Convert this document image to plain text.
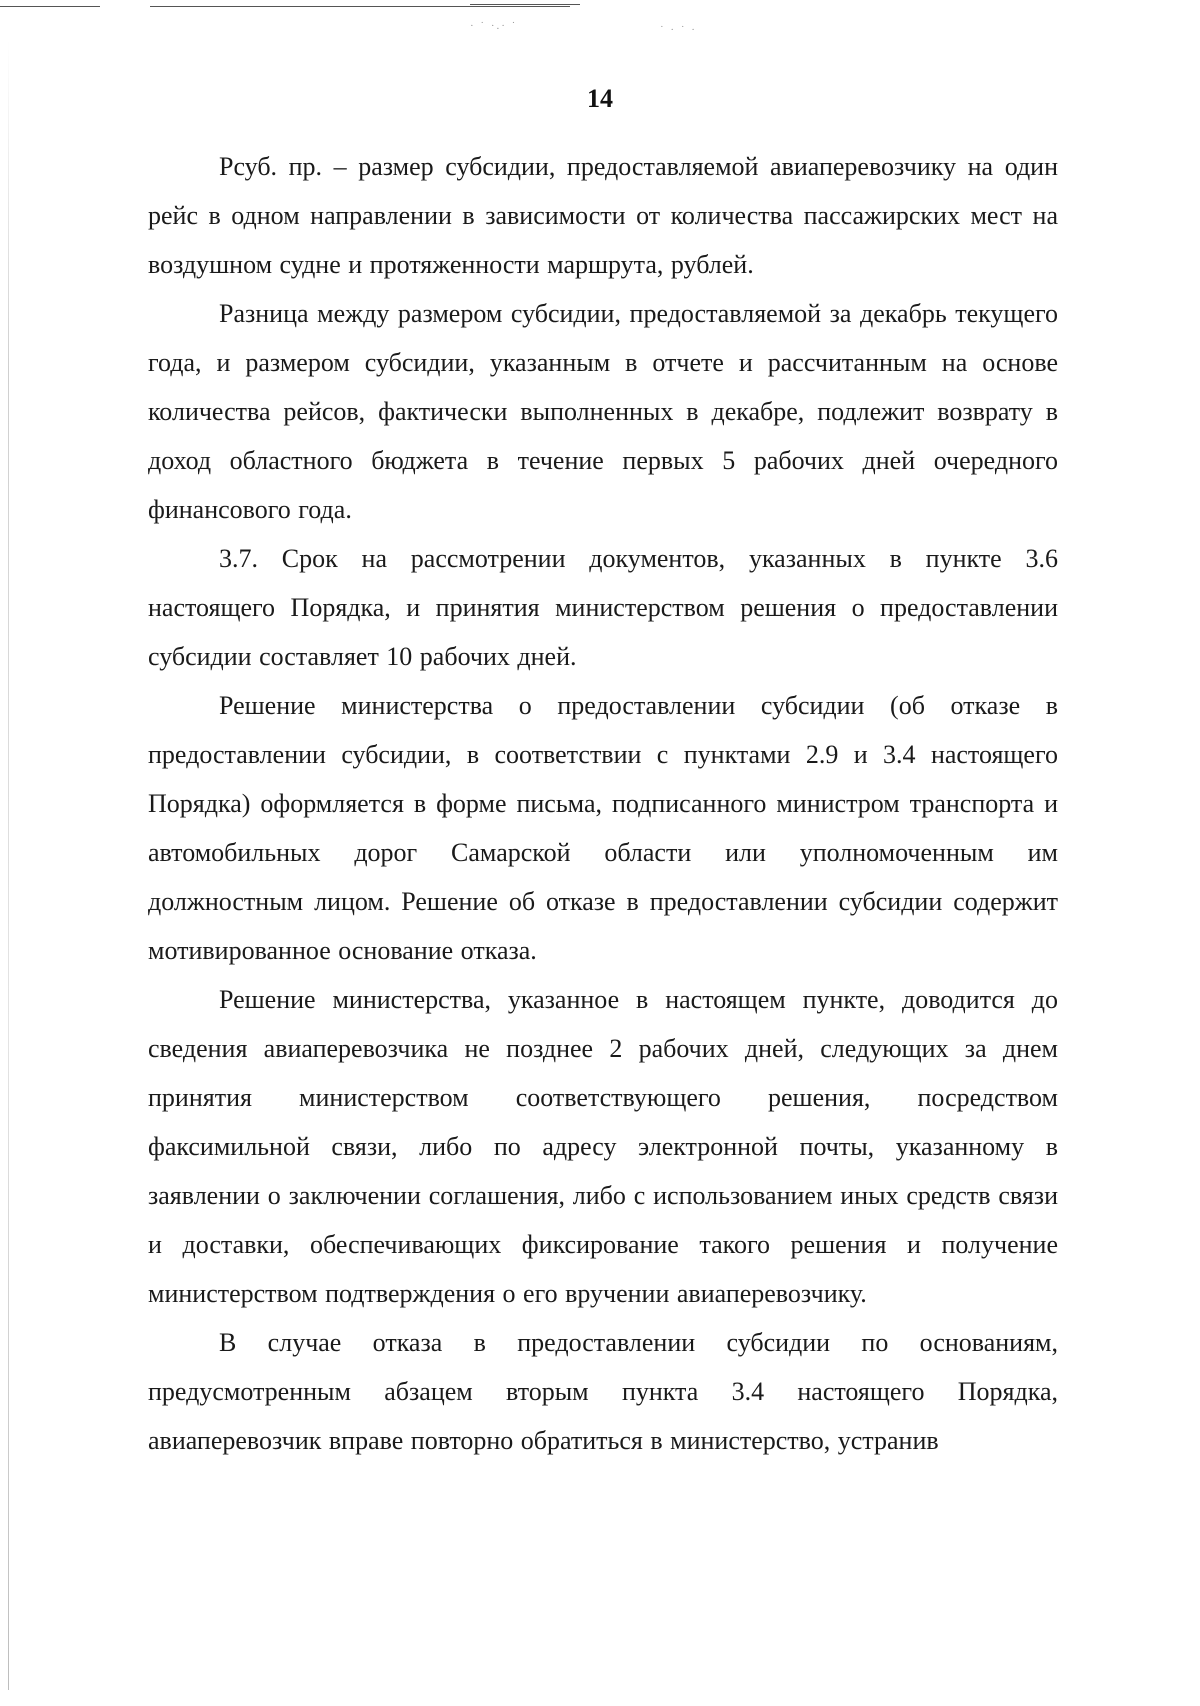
· ˙ ·.· ˙	˙ · ˙ ·
14

Рсуб. пр. – размер субсидии, предоставляемой авиаперевозчику на один рейс в одном направлении в зависимости от количества пассажирских мест на воздушном судне и протяженности маршрута, рублей.

Разница между размером субсидии, предоставляемой за декабрь текущего года, и размером субсидии, указанным в отчете и рассчитанным на основе количества рейсов, фактически выполненных в декабре, подлежит возврату в доход областного бюджета в течение первых 5 рабочих дней очередного финансового года.

3.7. Срок на рассмотрении документов, указанных в пункте 3.6 настоящего Порядка, и принятия министерством решения о предоставлении субсидии составляет 10 рабочих дней.

Решение министерства о предоставлении субсидии (об отказе в предоставлении субсидии, в соответствии с пунктами 2.9 и 3.4 настоящего Порядка) оформляется в форме письма, подписанного министром транспорта и автомобильных дорог Самарской области или уполномоченным им должностным лицом. Решение об отказе в предоставлении субсидии содержит мотивированное основание отказа.

Решение министерства, указанное в настоящем пункте, доводится до сведения авиаперевозчика не позднее 2 рабочих дней, следующих за днем принятия министерством соответствующего решения, посредством факсимильной связи, либо по адресу электронной почты, указанному в заявлении о заключении соглашения, либо с использованием иных средств связи и доставки, обеспечивающих фиксирование такого решения и получение министерством подтверждения о его вручении авиаперевозчику.

В случае отказа в предоставлении субсидии по основаниям, предусмотренным абзацем вторым пункта 3.4 настоящего Порядка, авиаперевозчик вправе повторно обратиться в министерство, устранив
